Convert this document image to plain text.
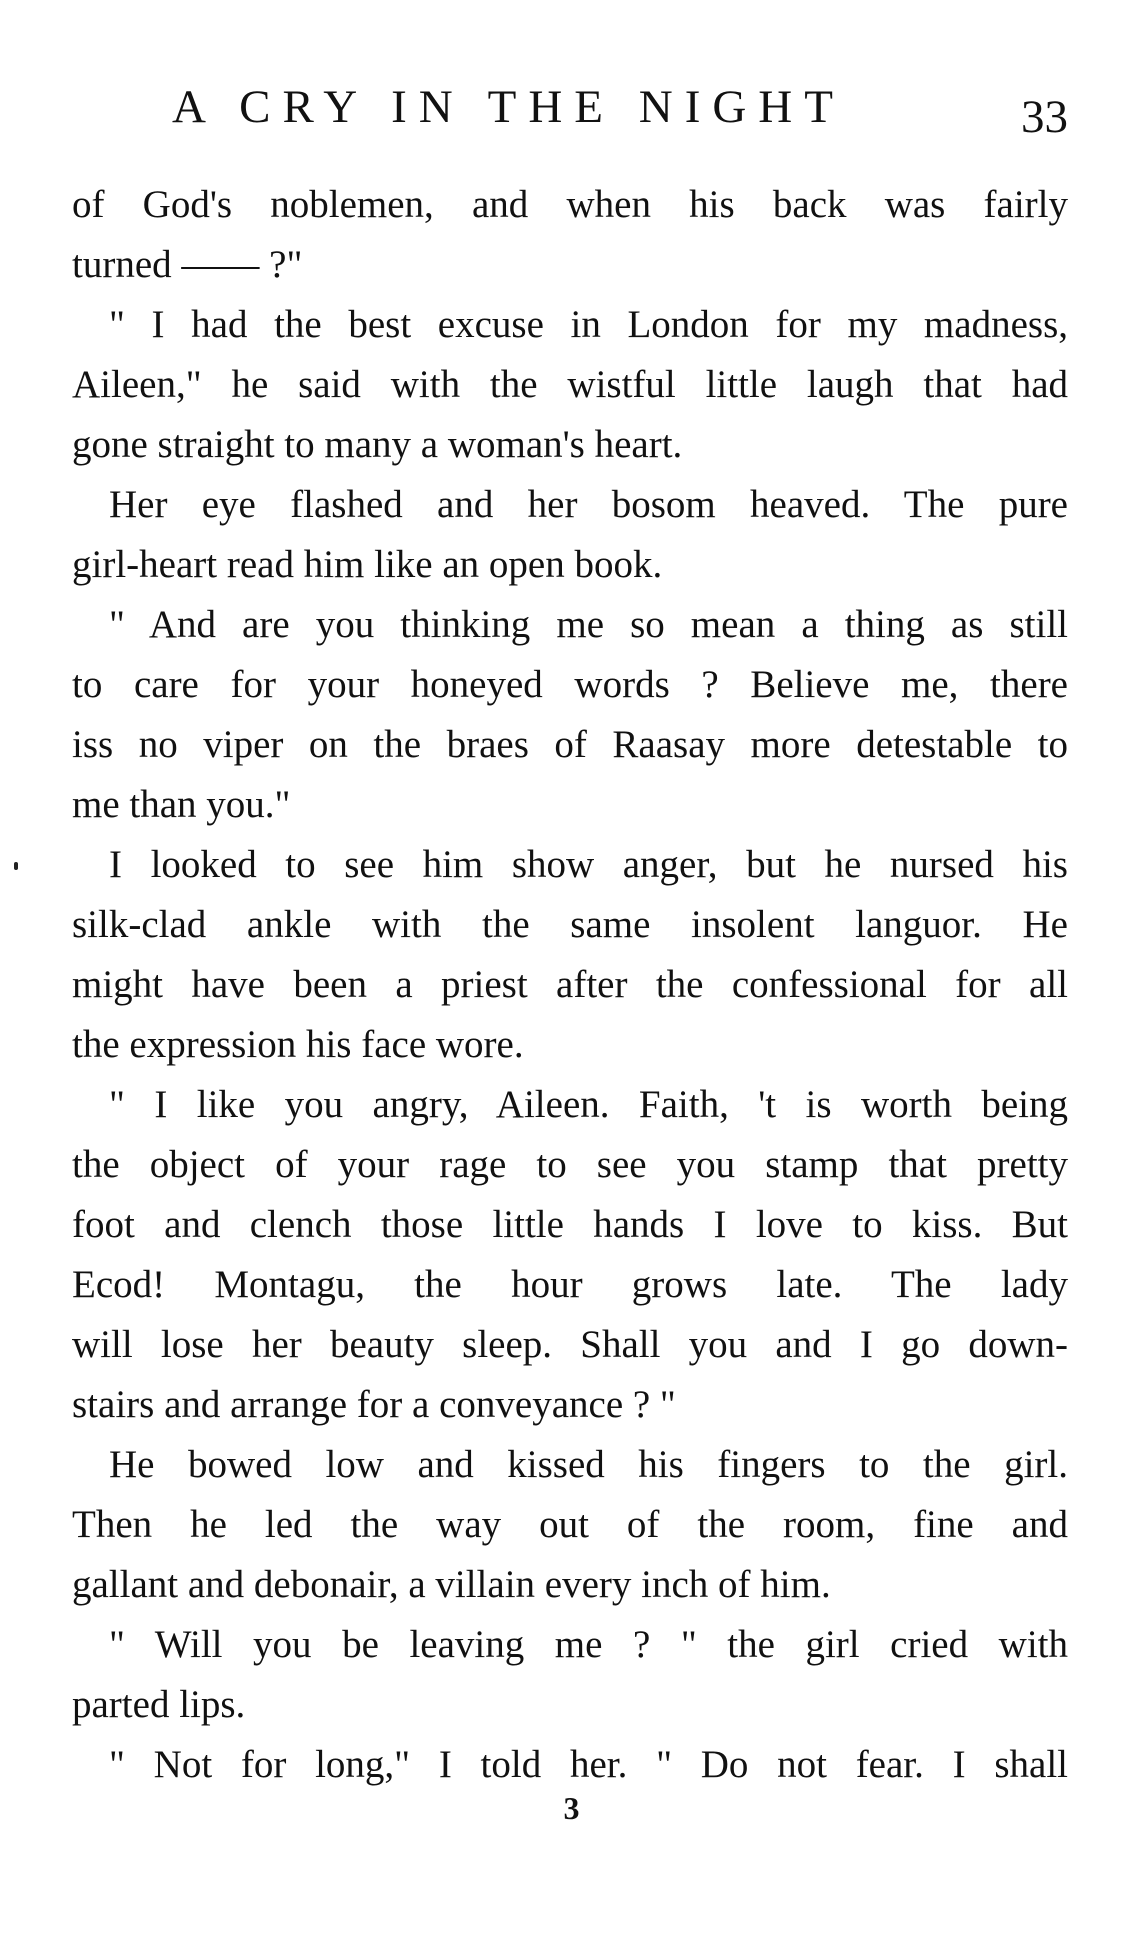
A CRY IN THE NIGHT	33
of God's noblemen, and when his back was fairly
turned —— ?"
" I had the best excuse in London for my madness,
Aileen," he said with the wistful little laugh that had
gone straight to many a woman's heart.
Her eye flashed and her bosom heaved. The pure
girl-heart read him like an open book.
" And are you thinking me so mean a thing as still
to care for your honeyed words ? Believe me, there
iss no viper on the braes of Raasay more detestable to
me than you."
I looked to see him show anger, but he nursed his
silk-clad ankle with the same insolent languor. He
might have been a priest after the confessional for all
the expression his face wore.
" I like you angry, Aileen. Faith, 't is worth being
the object of your rage to see you stamp that pretty
foot and clench those little hands I love to kiss. But
Ecod! Montagu, the hour grows late. The lady
will lose her beauty sleep. Shall you and I go down-
stairs and arrange for a conveyance ? "
He bowed low and kissed his fingers to the girl.
Then he led the way out of the room, fine and
gallant and debonair, a villain every inch of him.
" Will you be leaving me ? " the girl cried with
parted lips.
" Not for long," I told her. " Do not fear. I shall
3
